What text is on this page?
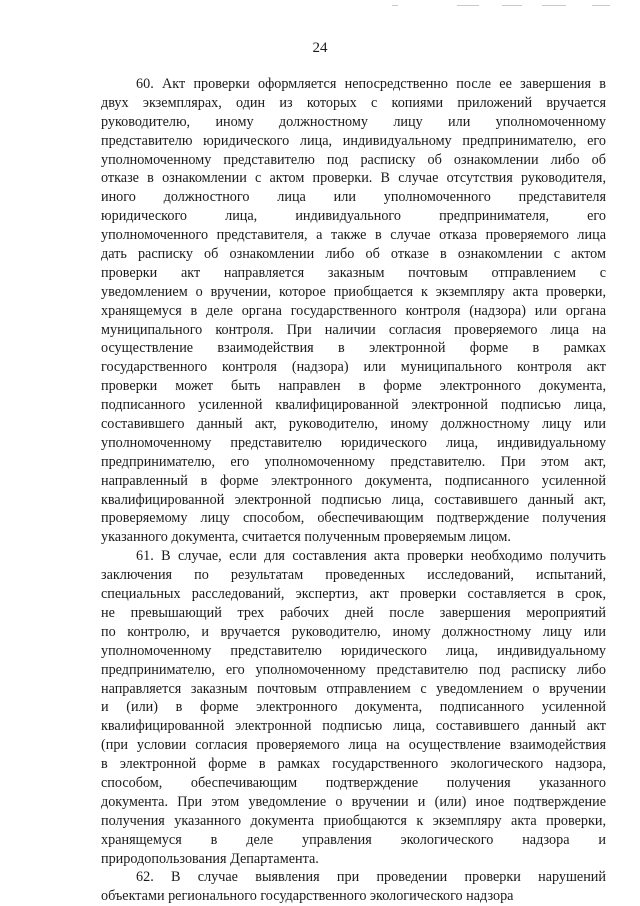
24
60. Акт проверки оформляется непосредственно после ее завершения в
двух экземплярах, один из которых с копиями приложений вручается
руководителю, иному должностному лицу или уполномоченному
представителю юридического лица, индивидуальному предпринимателю, его
уполномоченному представителю под расписку об ознакомлении либо об
отказе в ознакомлении с актом проверки. В случае отсутствия руководителя,
иного должностного лица или уполномоченного представителя
юридического лица, индивидуального предпринимателя, его
уполномоченного представителя, а также в случае отказа проверяемого лица
дать расписку об ознакомлении либо об отказе в ознакомлении с актом
проверки акт направляется заказным почтовым отправлением с
уведомлением о вручении, которое приобщается к экземпляру акта проверки,
хранящемуся в деле органа государственного контроля (надзора) или органа
муниципального контроля. При наличии согласия проверяемого лица на
осуществление взаимодействия в электронной форме в рамках
государственного контроля (надзора) или муниципального контроля акт
проверки может быть направлен в форме электронного документа,
подписанного усиленной квалифицированной электронной подписью лица,
составившего данный акт, руководителю, иному должностному лицу или
уполномоченному представителю юридического лица, индивидуальному
предпринимателю, его уполномоченному представителю. При этом акт,
направленный в форме электронного документа, подписанного усиленной
квалифицированной электронной подписью лица, составившего данный акт,
проверяемому лицу способом, обеспечивающим подтверждение получения
указанного документа, считается полученным проверяемым лицом.
61. В случае, если для составления акта проверки необходимо получить
заключения по результатам проведенных исследований, испытаний,
специальных расследований, экспертиз, акт проверки составляется в срок,
не превышающий трех рабочих дней после завершения мероприятий
по контролю, и вручается руководителю, иному должностному лицу или
уполномоченному представителю юридического лица, индивидуальному
предпринимателю, его уполномоченному представителю под расписку либо
направляется заказным почтовым отправлением с уведомлением о вручении
и (или) в форме электронного документа, подписанного усиленной
квалифицированной электронной подписью лица, составившего данный акт
(при условии согласия проверяемого лица на осуществление взаимодействия
в электронной форме в рамках государственного экологического надзора,
способом, обеспечивающим подтверждение получения указанного
документа. При этом уведомление о вручении и (или) иное подтверждение
получения указанного документа приобщаются к экземпляру акта проверки,
хранящемуся в деле управления экологического надзора и
природопользования Департамента.
62. В случае выявления при проведении проверки нарушений
объектами регионального государственного экологического надзора
